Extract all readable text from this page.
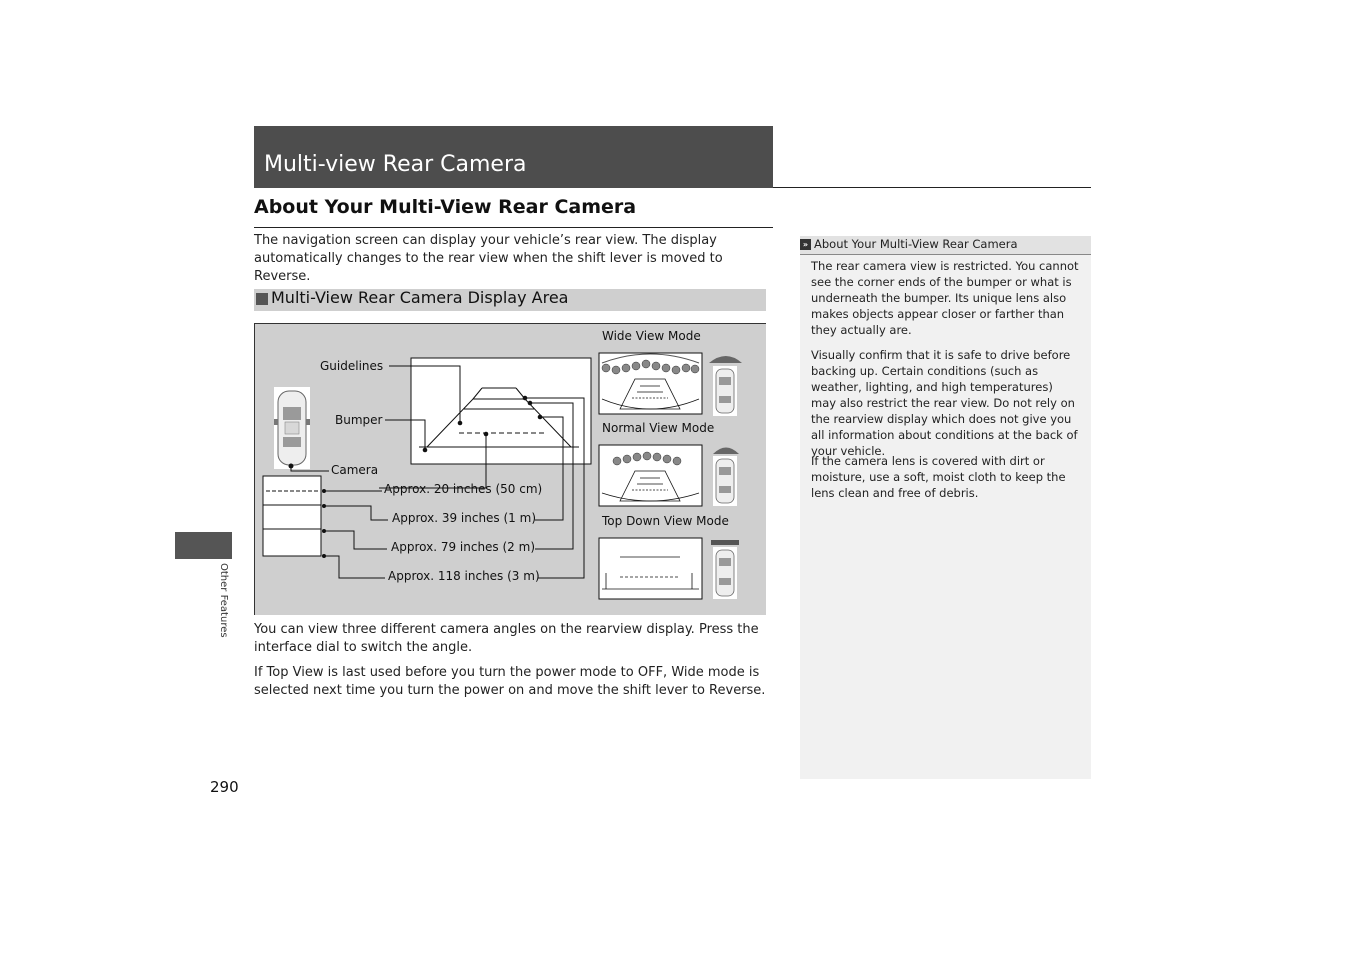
Multi-view Rear Camera
About Your Multi-View Rear Camera
The navigation screen can display your vehicle’s rear view. The display automatically changes to the rear view when the shift lever is moved to Reverse.
Multi-View Rear Camera Display Area
Guidelines
Bumper
Camera
Approx. 20 inches (50 cm)
Approx. 39 inches (1 m)
Approx. 79 inches (2 m)
Approx. 118 inches (3 m)
Wide View Mode
Normal View Mode
Top Down View Mode
You can view three different camera angles on the rearview display. Press the interface dial to switch the angle.
If Top View is last used before you turn the power mode to OFF, Wide mode is selected next time you turn the power on and move the shift lever to Reverse.
Other Features
290
» About Your Multi-View Rear Camera
The rear camera view is restricted. You cannot see the corner ends of the bumper or what is underneath the bumper. Its unique lens also makes objects appear closer or farther than they actually are.
Visually confirm that it is safe to drive before backing up. Certain conditions (such as weather, lighting, and high temperatures) may also restrict the rear view. Do not rely on the rearview display which does not give you all information about conditions at the back of your vehicle.
If the camera lens is covered with dirt or moisture, use a soft, moist cloth to keep the lens clean and free of debris.
